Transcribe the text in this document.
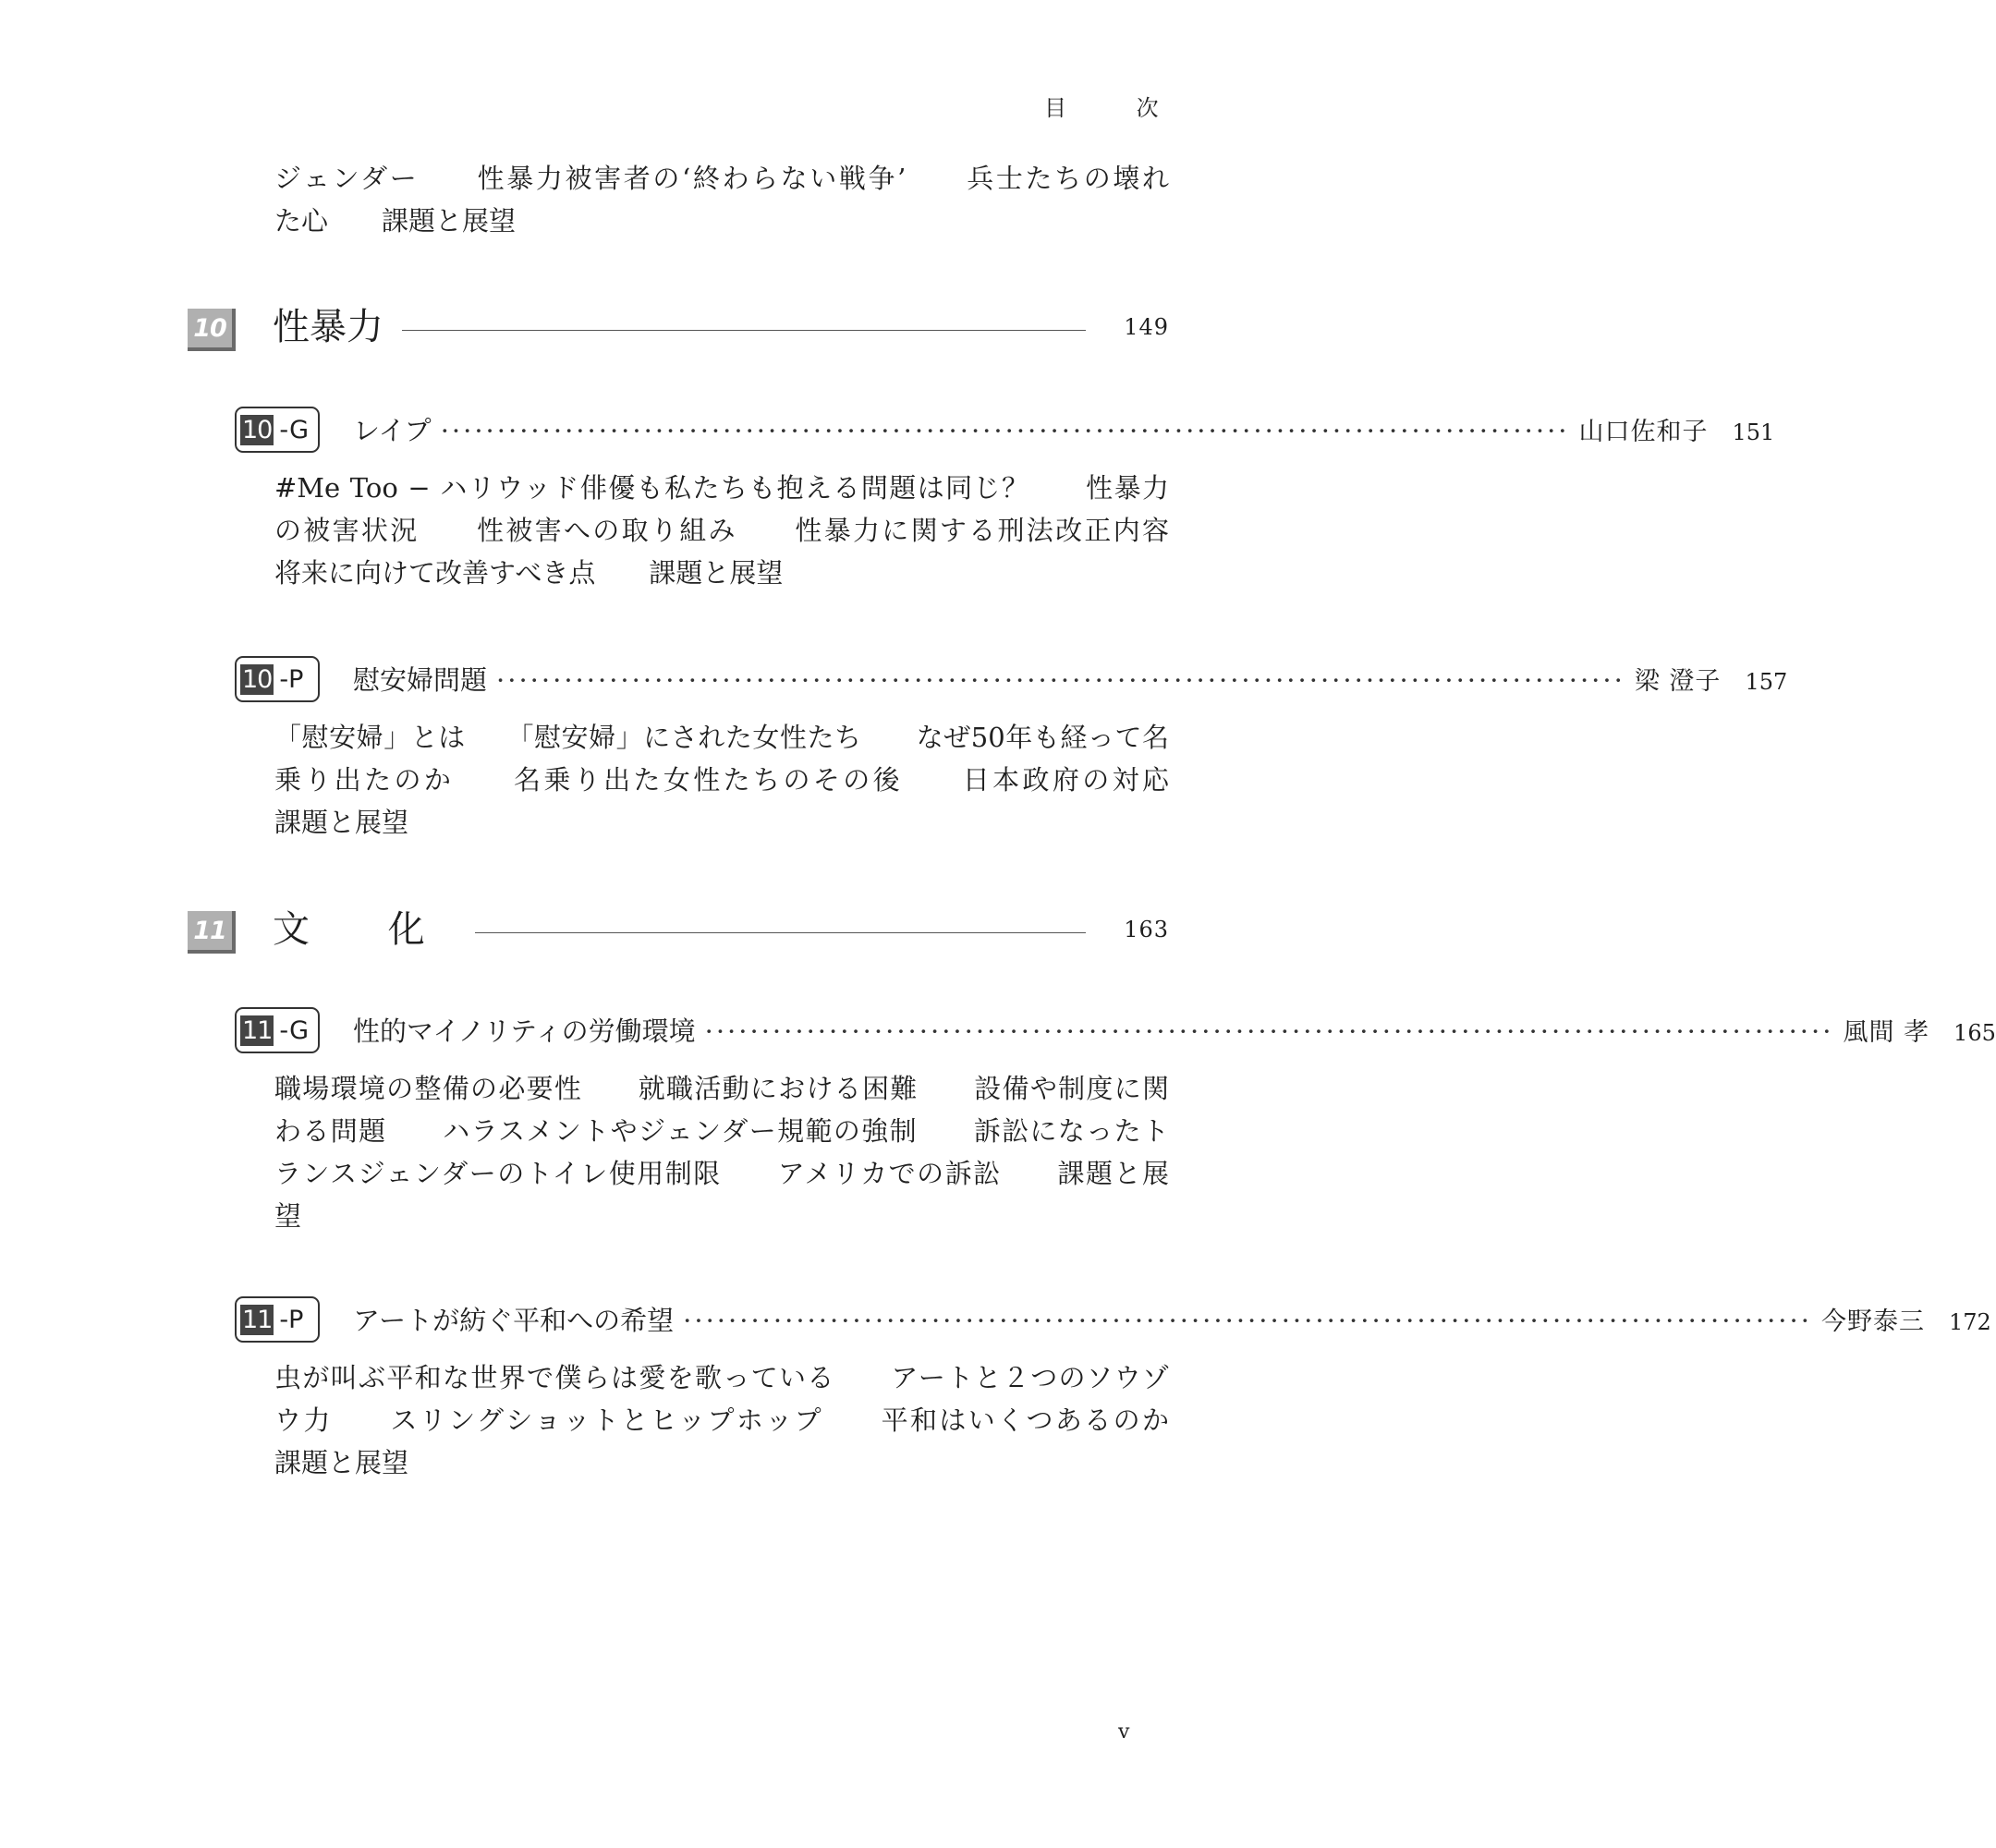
目 次
ジェンダー　　性暴力被害者の‘終わらない戦争’　　兵士たちの壊れ
た心　　課題と展望
10 性暴力	149
10 -G レイプ ···································································································· 山口佐和子	151
#Me Too − ハリウッド俳優も私たちも抱える問題は同じ？　　性暴力
の被害状況　　性被害への取り組み　　性暴力に関する刑法改正内容
将来に向けて改善すべき点　　課題と展望
10 -P 慰安婦問題 ···································································································· 梁 澄子	157
「慰安婦」とは　　「慰安婦」にされた女性たち　　なぜ50年も経って名
乗り出たのか　　名乗り出た女性たちのその後　　日本政府の対応
課題と展望
11 文 化	163
11 -G 性的マイノリティの労働環境 ···································································································· 風間 孝	165
職場環境の整備の必要性　　就職活動における困難　　設備や制度に関
わる問題　　ハラスメントやジェンダー規範の強制　　訴訟になったト
ランスジェンダーのトイレ使用制限　　アメリカでの訴訟　　課題と展
望
11 -P アートが紡ぐ平和への希望 ···································································································· 今野泰三	172
虫が叫ぶ平和な世界で僕らは愛を歌っている　　アートと２つのソウゾ
ウ力　　スリングショットとヒップホップ　　平和はいくつあるのか
課題と展望
v
